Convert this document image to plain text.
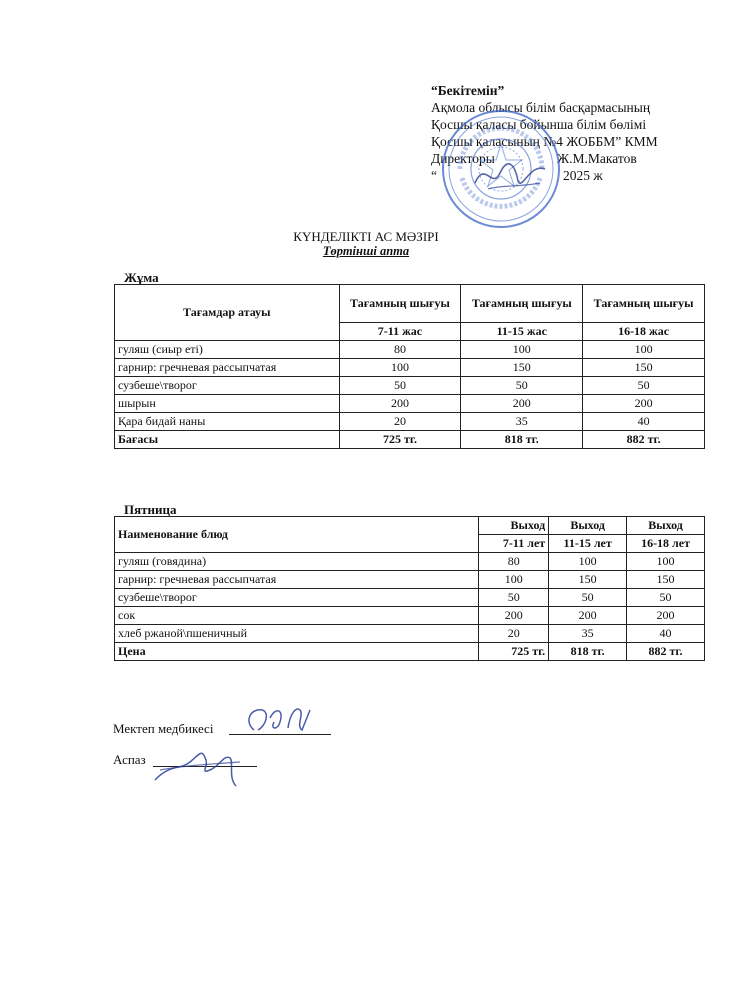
“Бекітемін”
Ақмола облысы білім басқармасының
Қосшы қаласы бойынша білім бөлімі
Қосшы қаласының №4 ЖОББМ” КММ
Директоры	Ж.М.Макатов
“	2025 ж
КҮНДЕЛІКТІ АС МӘЗІРІ
Төртінші апта
Жұма
Тағамдар атауы	Тағамның шығуы	Тағамның шығуы	Тағамның шығуы
	7-11 жас	11-15 жас	16-18 жас
гуляш (сиыр еті)	80	100	100
гарнир: гречневая рассыпчатая	100	150	150
сузбеше\творог	50	50	50
шырын	200	200	200
Қара бидай наны	20	35	40
Бағасы	725 тг.	818 тг.	882 тг.
Пятница
Наименование блюд	Выход	Выход	Выход
	7-11 лет	11-15 лет	16-18 лет
гуляш (говядина)	80	100	100
гарнир: гречневая рассыпчатая	100	150	150
сузбеше\творог	50	50	50
сок	200	200	200
хлеб ржаной\пшеничный	20	35	40
Цена	725 тг.	818 тг.	882 тг.
Мектеп медбикесі
Аспаз
